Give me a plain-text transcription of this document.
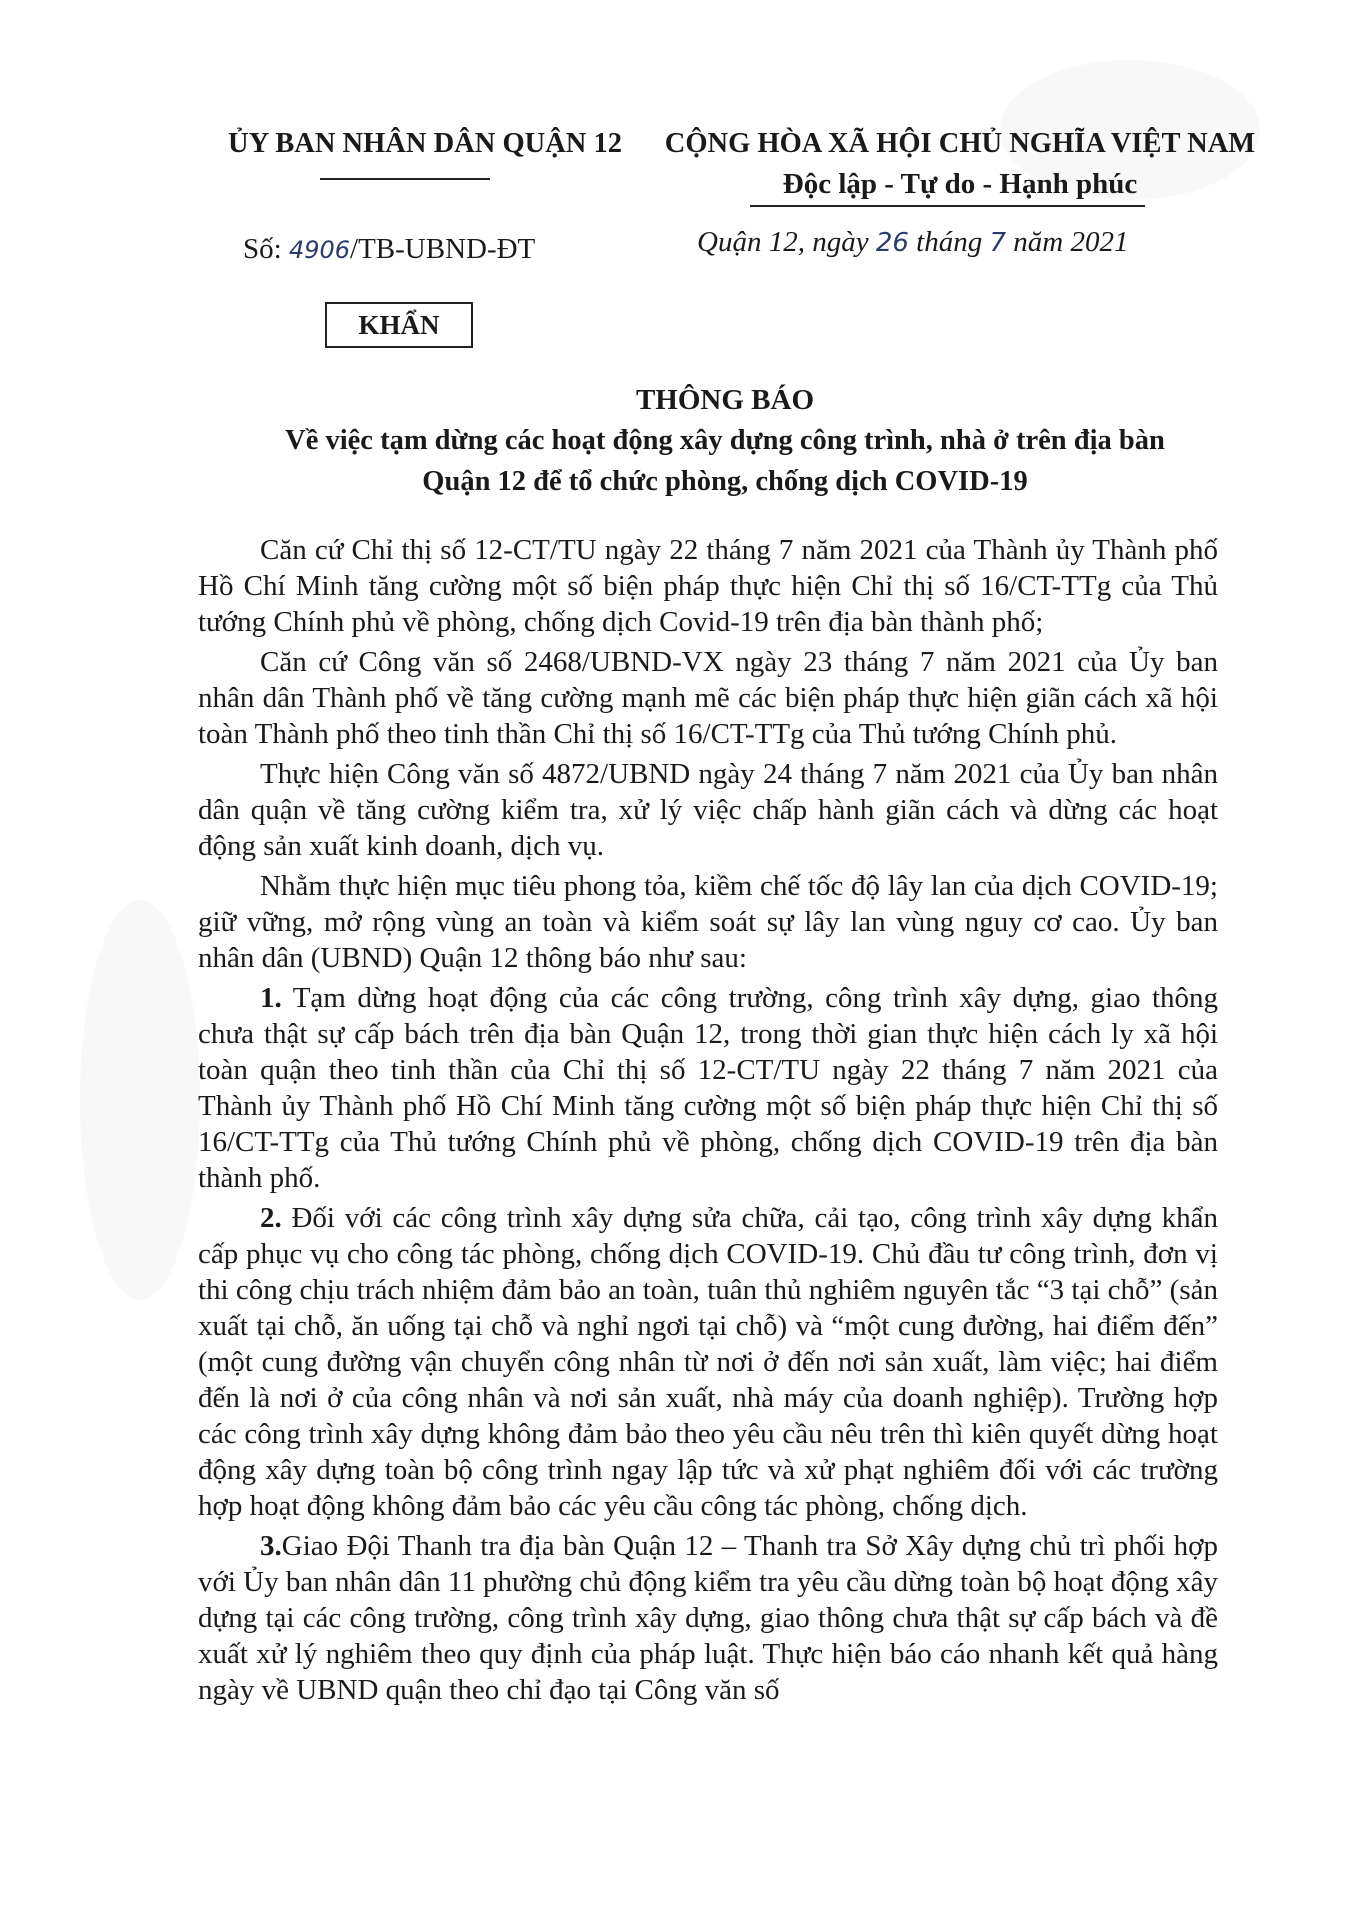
ỦY BAN NHÂN DÂN QUẬN 12	CỘNG HÒA XÃ HỘI CHỦ NGHĨA VIỆT NAM
Độc lập - Tự do - Hạnh phúc
Số: 4906/TB-UBND-ĐT	Quận 12, ngày 26 tháng 7 năm 2021
KHẨN
THÔNG BÁO
Về việc tạm dừng các hoạt động xây dựng công trình, nhà ở trên địa bàn
Quận 12 để tổ chức phòng, chống dịch COVID-19

Căn cứ Chỉ thị số 12-CT/TU ngày 22 tháng 7 năm 2021 của Thành ủy Thành phố Hồ Chí Minh tăng cường một số biện pháp thực hiện Chỉ thị số 16/CT-TTg của Thủ tướng Chính phủ về phòng, chống dịch Covid-19 trên địa bàn thành phố;

Căn cứ Công văn số 2468/UBND-VX ngày 23 tháng 7 năm 2021 của Ủy ban nhân dân Thành phố về tăng cường mạnh mẽ các biện pháp thực hiện giãn cách xã hội toàn Thành phố theo tinh thần Chỉ thị số 16/CT-TTg của Thủ tướng Chính phủ.

Thực hiện Công văn số 4872/UBND ngày 24 tháng 7 năm 2021 của Ủy ban nhân dân quận về tăng cường kiểm tra, xử lý việc chấp hành giãn cách và dừng các hoạt động sản xuất kinh doanh, dịch vụ.

Nhằm thực hiện mục tiêu phong tỏa, kiềm chế tốc độ lây lan của dịch COVID-19; giữ vững, mở rộng vùng an toàn và kiểm soát sự lây lan vùng nguy cơ cao. Ủy ban nhân dân (UBND) Quận 12 thông báo như sau:

1. Tạm dừng hoạt động của các công trường, công trình xây dựng, giao thông chưa thật sự cấp bách trên địa bàn Quận 12, trong thời gian thực hiện cách ly xã hội toàn quận theo tinh thần của Chỉ thị số 12-CT/TU ngày 22 tháng 7 năm 2021 của Thành ủy Thành phố Hồ Chí Minh tăng cường một số biện pháp thực hiện Chỉ thị số 16/CT-TTg của Thủ tướng Chính phủ về phòng, chống dịch COVID-19 trên địa bàn thành phố.

2. Đối với các công trình xây dựng sửa chữa, cải tạo, công trình xây dựng khẩn cấp phục vụ cho công tác phòng, chống dịch COVID-19. Chủ đầu tư công trình, đơn vị thi công chịu trách nhiệm đảm bảo an toàn, tuân thủ nghiêm nguyên tắc “3 tại chỗ” (sản xuất tại chỗ, ăn uống tại chỗ và nghỉ ngơi tại chỗ) và “một cung đường, hai điểm đến” (một cung đường vận chuyển công nhân từ nơi ở đến nơi sản xuất, làm việc; hai điểm đến là nơi ở của công nhân và nơi sản xuất, nhà máy của doanh nghiệp). Trường hợp các công trình xây dựng không đảm bảo theo yêu cầu nêu trên thì kiên quyết dừng hoạt động xây dựng toàn bộ công trình ngay lập tức và xử phạt nghiêm đối với các trường hợp hoạt động không đảm bảo các yêu cầu công tác phòng, chống dịch.

3.Giao Đội Thanh tra địa bàn Quận 12 – Thanh tra Sở Xây dựng chủ trì phối hợp với Ủy ban nhân dân 11 phường chủ động kiểm tra yêu cầu dừng toàn bộ hoạt động xây dựng tại các công trường, công trình xây dựng, giao thông chưa thật sự cấp bách và đề xuất xử lý nghiêm theo quy định của pháp luật. Thực hiện báo cáo nhanh kết quả hàng ngày về UBND quận theo chỉ đạo tại Công văn số
